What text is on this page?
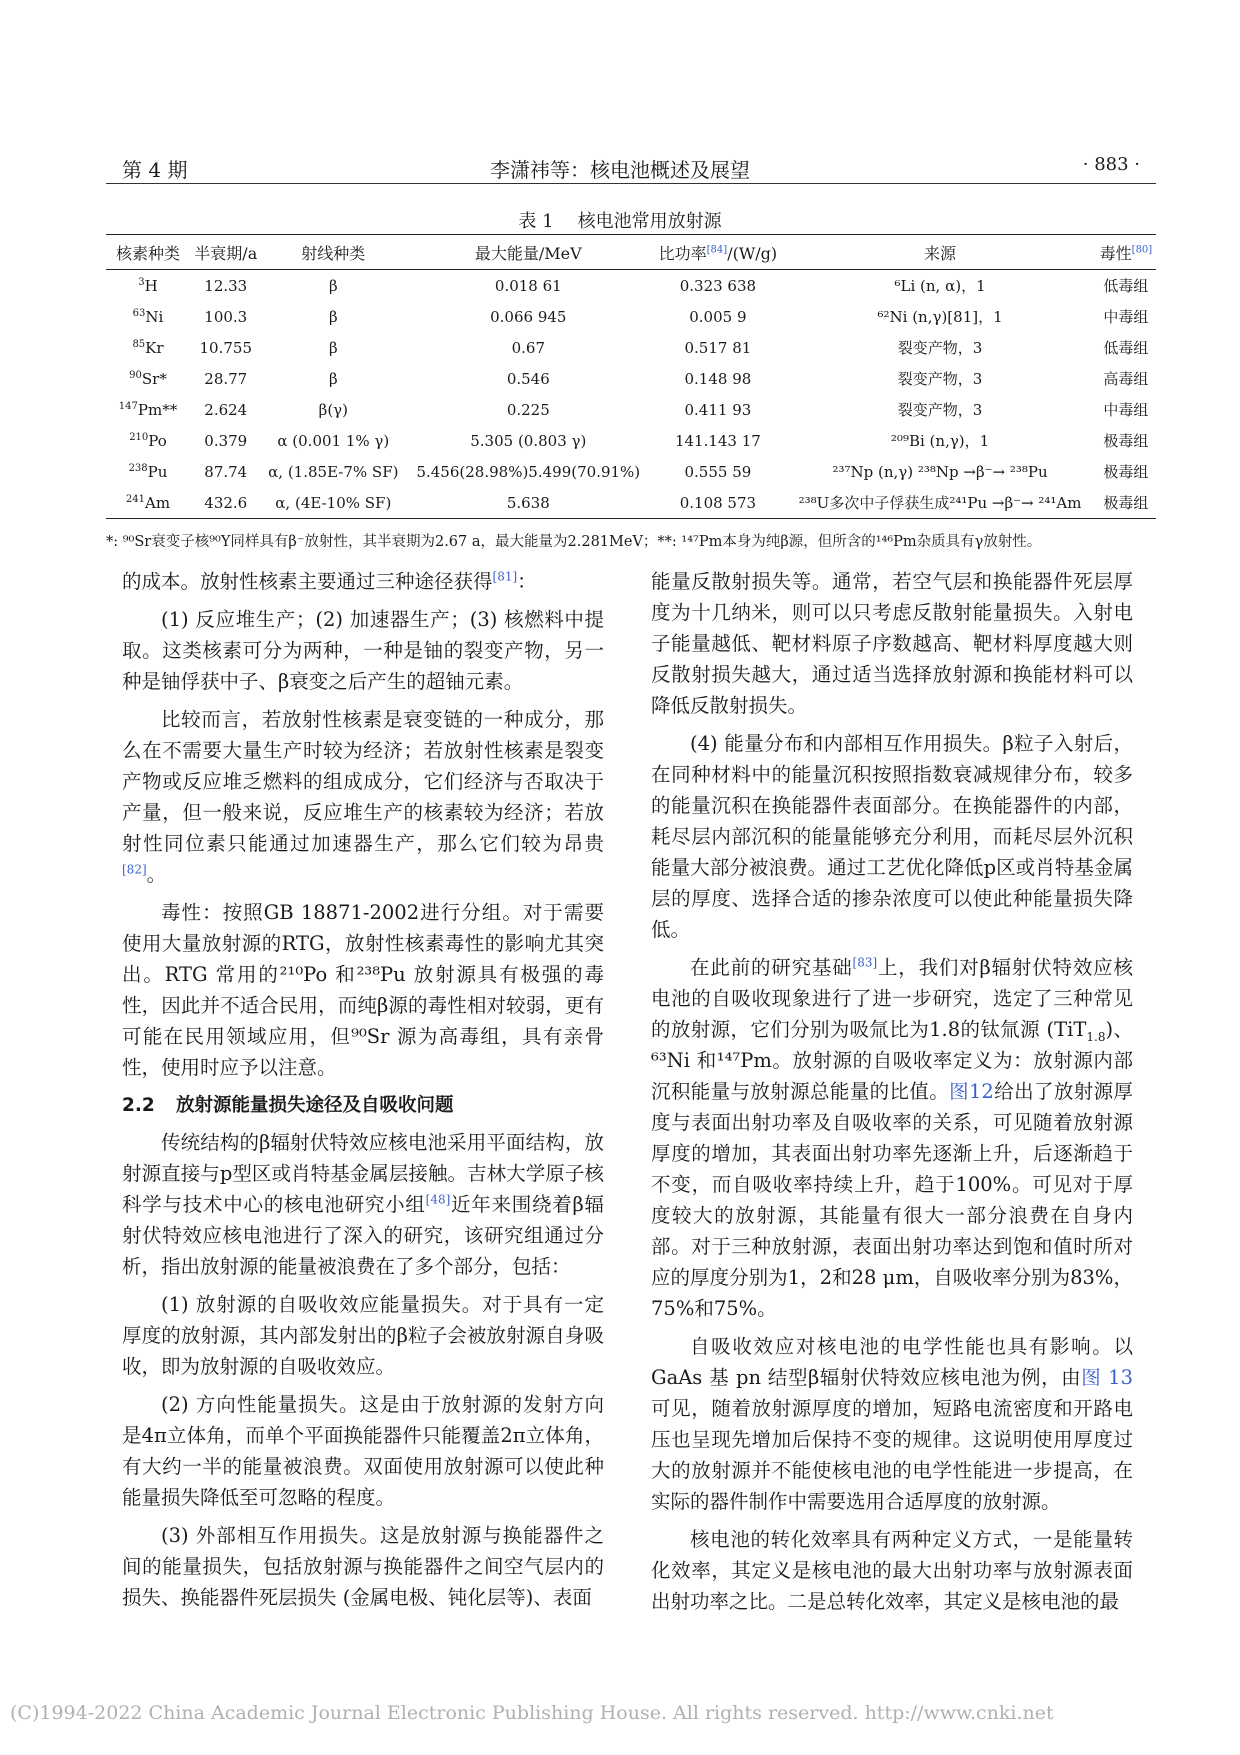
第 4 期	李潇祎等：核电池概述及展望	· 883 ·
表 1 核电池常用放射源
核素种类	半衰期/a	射线种类	最大能量/MeV	比功率[84]/(W/g)	来源	毒性[80]
$^3$H	12.33	β	0.018 61	0.323 638	⁶Li (n, α)，1	低毒组
$^{63}$Ni	100.3	β	0.066 945	0.005 9	⁶²Ni (n,γ)[81]，1	中毒组
$^{85}$Kr	10.755	β	0.67	0.517 81	裂变产物，3	低毒组
$^{90}$Sr*	28.77	β	0.546	0.148 98	裂变产物，3	高毒组
$^{147}$Pm**	2.624	β(γ)	0.225	0.411 93	裂变产物，3	中毒组
$^{210}$Po	0.379	α (0.001 1% γ)	5.305 (0.803 γ)	141.143 17	²⁰⁹Bi (n,γ)，1	极毒组
$^{238}$Pu	87.74	α, (1.85E-7% SF)	5.456(28.98%)5.499(70.91%)	0.555 59	²³⁷Np (n,γ) ²³⁸Np →β⁻→ ²³⁸Pu	极毒组
$^{241}$Am	432.6	α, (4E-10% SF)	5.638	0.108 573	²³⁸U多次中子俘获生成²⁴¹Pu →β⁻→ ²⁴¹Am	极毒组
*: ⁹⁰Sr衰变子核⁹⁰Y同样具有β⁻放射性，其半衰期为2.67 a，最大能量为2.281MeV；**: ¹⁴⁷Pm本身为纯β源，但所含的¹⁴⁶Pm杂质具有γ放射性。

的成本。放射性核素主要通过三种途径获得[81]：

(1) 反应堆生产；(2) 加速器生产；(3) 核燃料中提取。这类核素可分为两种，一种是铀的裂变产物，另一种是铀俘获中子、β衰变之后产生的超铀元素。

比较而言，若放射性核素是衰变链的一种成分，那么在不需要大量生产时较为经济；若放射性核素是裂变产物或反应堆乏燃料的组成成分，它们经济与否取决于产量，但一般来说，反应堆生产的核素较为经济；若放射性同位素只能通过加速器生产，那么它们较为昂贵[82]。

毒性：按照GB 18871-2002进行分组。对于需要使用大量放射源的RTG，放射性核素毒性的影响尤其突出。RTG 常用的²¹⁰Po 和²³⁸Pu 放射源具有极强的毒性，因此并不适合民用，而纯β源的毒性相对较弱，更有可能在民用领域应用，但⁹⁰Sr 源为高毒组，具有亲骨性，使用时应予以注意。

2.2 放射源能量损失途径及自吸收问题

传统结构的β辐射伏特效应核电池采用平面结构，放射源直接与p型区或肖特基金属层接触。吉林大学原子核科学与技术中心的核电池研究小组[48]近年来围绕着β辐射伏特效应核电池进行了深入的研究，该研究组通过分析，指出放射源的能量被浪费在了多个部分，包括：

(1) 放射源的自吸收效应能量损失。对于具有一定厚度的放射源，其内部发射出的β粒子会被放射源自身吸收，即为放射源的自吸收效应。

(2) 方向性能量损失。这是由于放射源的发射方向是4π立体角，而单个平面换能器件只能覆盖2π立体角，有大约一半的能量被浪费。双面使用放射源可以使此种能量损失降低至可忽略的程度。

(3) 外部相互作用损失。这是放射源与换能器件之间的能量损失，包括放射源与换能器件之间空气层内的损失、换能器件死层损失 (金属电极、钝化层等)、表面

能量反散射损失等。通常，若空气层和换能器件死层厚度为十几纳米，则可以只考虑反散射能量损失。入射电子能量越低、靶材料原子序数越高、靶材料厚度越大则反散射损失越大，通过适当选择放射源和换能材料可以降低反散射损失。

(4) 能量分布和内部相互作用损失。β粒子入射后，在同种材料中的能量沉积按照指数衰减规律分布，较多的能量沉积在换能器件表面部分。在换能器件的内部，耗尽层内部沉积的能量能够充分利用，而耗尽层外沉积能量大部分被浪费。通过工艺优化降低p区或肖特基金属层的厚度、选择合适的掺杂浓度可以使此种能量损失降低。

在此前的研究基础[83]上，我们对β辐射伏特效应核电池的自吸收现象进行了进一步研究，选定了三种常见的放射源，它们分别为吸氚比为1.8的钛氚源 (TiT$_{1.8}$)、⁶³Ni 和¹⁴⁷Pm。放射源的自吸收率定义为：放射源内部沉积能量与放射源总能量的比值。图12给出了放射源厚度与表面出射功率及自吸收率的关系，可见随着放射源厚度的增加，其表面出射功率先逐渐上升，后逐渐趋于不变，而自吸收率持续上升，趋于100%。可见对于厚度较大的放射源，其能量有很大一部分浪费在自身内部。对于三种放射源，表面出射功率达到饱和值时所对应的厚度分别为1，2和28 μm，自吸收率分别为83%，75%和75%。

自吸收效应对核电池的电学性能也具有影响。以GaAs 基 pn 结型β辐射伏特效应核电池为例，由图 13可见，随着放射源厚度的增加，短路电流密度和开路电压也呈现先增加后保持不变的规律。这说明使用厚度过大的放射源并不能使核电池的电学性能进一步提高，在实际的器件制作中需要选用合适厚度的放射源。

核电池的转化效率具有两种定义方式，一是能量转化效率，其定义是核电池的最大出射功率与放射源表面出射功率之比。二是总转化效率，其定义是核电池的最

(C)1994-2022 China Academic Journal Electronic Publishing House. All rights reserved. http://www.cnki.net
